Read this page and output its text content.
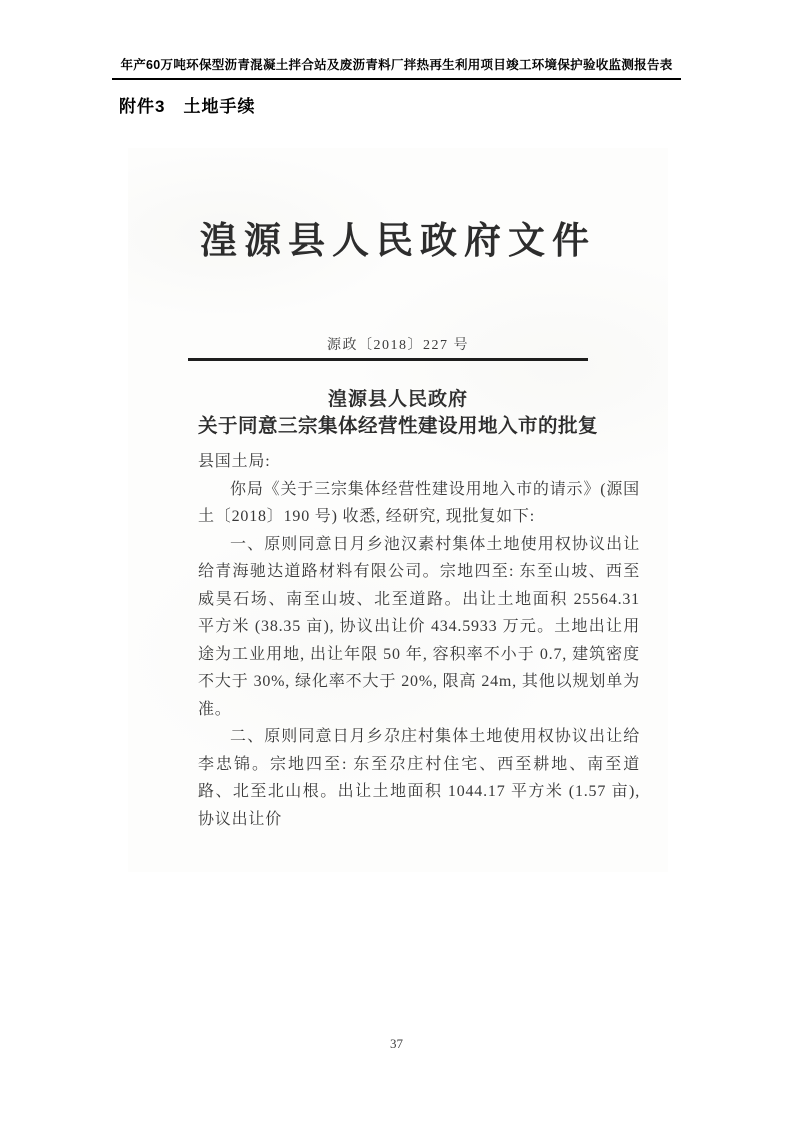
年产60万吨环保型沥青混凝土拌合站及废沥青料厂拌热再生利用项目竣工环境保护验收监测报告表
附件3　土地手续
湟源县人民政府文件
源政〔2018〕227 号
湟源县人民政府
关于同意三宗集体经营性建设用地入市的批复

县国土局:

你局《关于三宗集体经营性建设用地入市的请示》(源国土〔2018〕190 号) 收悉, 经研究, 现批复如下:

一、原则同意日月乡池汉素村集体土地使用权协议出让给青海驰达道路材料有限公司。宗地四至: 东至山坡、西至威昊石场、南至山坡、北至道路。出让土地面积 25564.31 平方米 (38.35 亩), 协议出让价 434.5933 万元。土地出让用途为工业用地, 出让年限 50 年, 容积率不小于 0.7, 建筑密度不大于 30%, 绿化率不大于 20%, 限高 24m, 其他以规划单为准。

二、原则同意日月乡尕庄村集体土地使用权协议出让给李忠锦。宗地四至: 东至尕庄村住宅、西至耕地、南至道路、北至北山根。出让土地面积 1044.17 平方米 (1.57 亩), 协议出让价

37
